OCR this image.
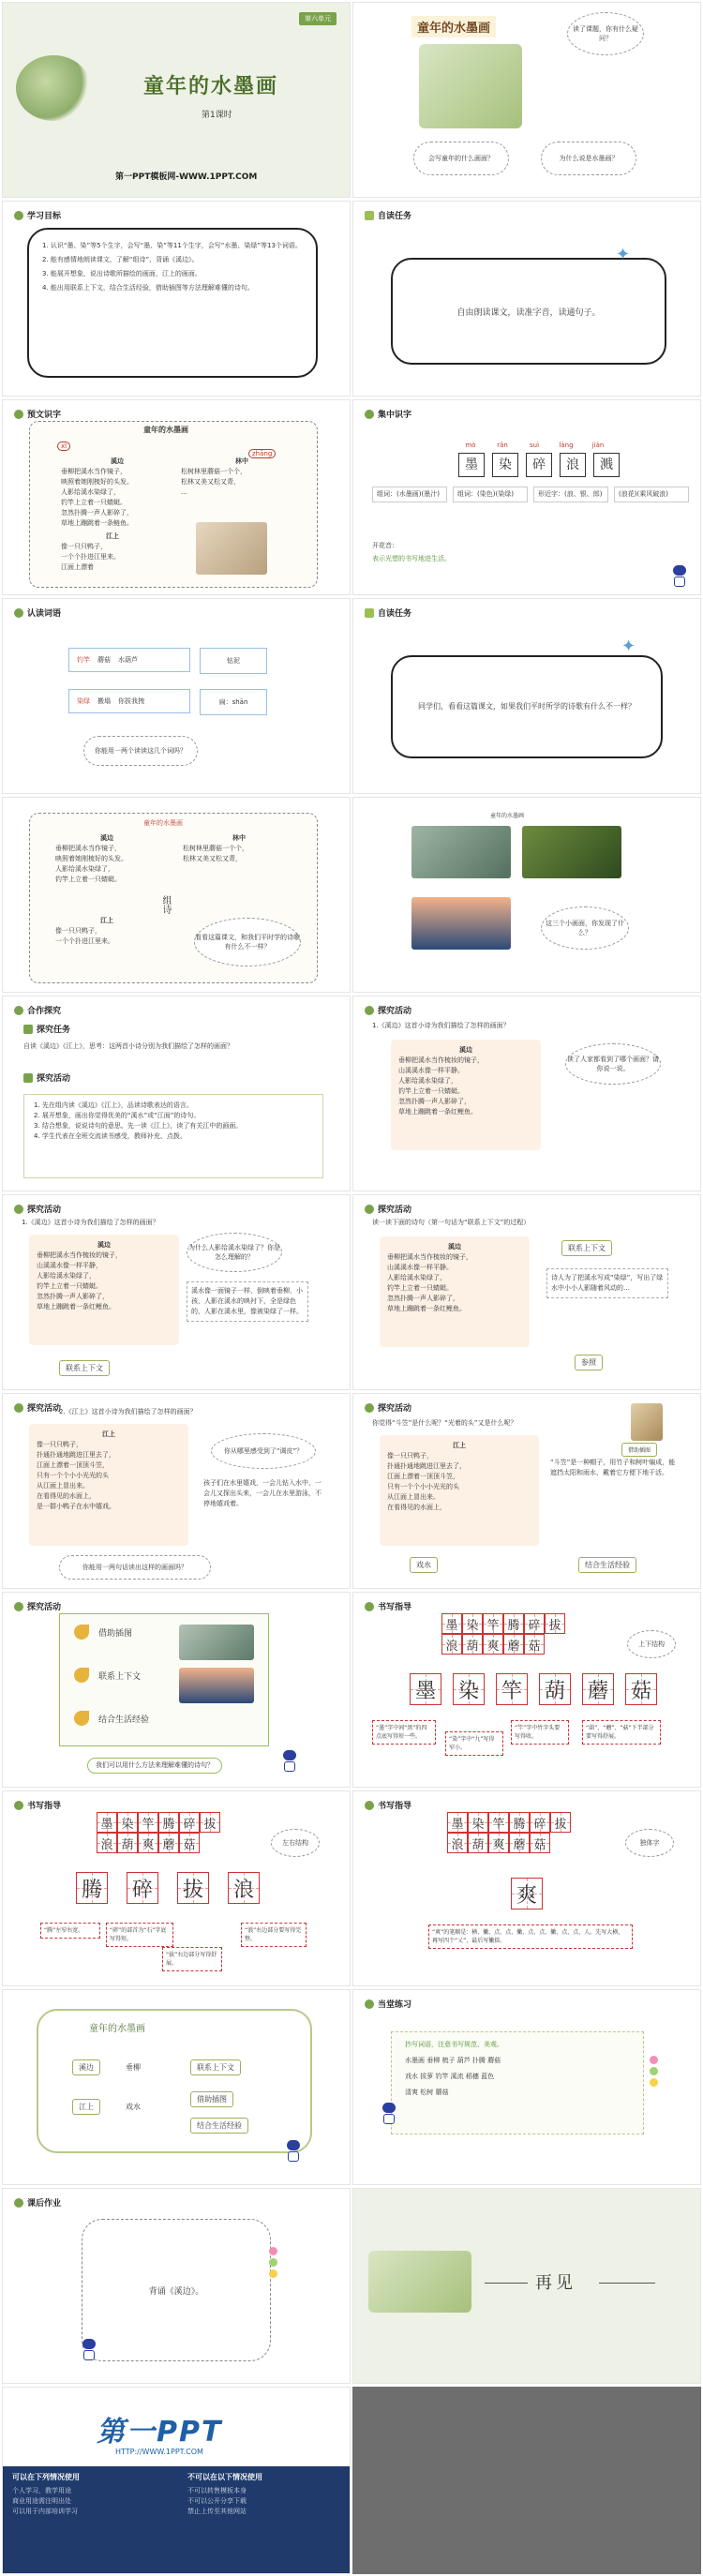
第六单元
童年的水墨画
第1课时
第一PPT模板网-WWW.1PPT.COM
童年的水墨画	读了课题，你有什么疑问？
会写童年的什么画面？	为什么说是水墨画？
学习目标
1. 认识“墨、染”等5个生字，会写“墨、染”等11个生字，会写“水墨、染绿”等13个词语。
2. 能有感情地朗读课文，了解“组诗”，背诵《溪边》。
3. 能展开想象，说出诗歌所描绘的画面，江上的画面。
4. 能出用联系上下文，结合生活经验，借助插图等方法理解难懂的诗句。
自读任务
自由朗读课文，读准字音，读通句子。
✦
预文识字
童年的水墨画
xī
zhāng
溪边
垂柳把溪水当作镜子，
映照着她刚梳好的头发。
人影给溪水染绿了，
钓竿上立着一只蜻蜓。
忽然扑腾一声人影碎了，
草地上蹦跳着一条鲢鱼。
林中
松树林里蘑菇一个个，
松林又美又松又青，
…
江上
像一只只鸭子，
一个个扑进江里来。
江面上漂着
集中识字
mò	rǎn	suì	làng	jiàn
墨	染	碎	浪	溅
组词：(水墨画)(墨汁)	组词：(染色)(染绿)	形近字：(浪、银、郎)	(浪花)(乘风破浪)
开花音：
表示光塑的书写地进生活。
认读词语
钓竿 蘑菇 水葫芦	钻泥
染绿 搬塌 你拔我拽	扁：shān
你能用一两个读读这几个词吗？
自读任务
同学们，看看这篇课文，如果我们平时所学的诗歌有什么不一样？
✦
童年的水墨画
溪边
垂柳把溪水当作镜子，
映照着她刚梳好的头发。
人影给溪水染绿了，
钓竿上立着一只蜻蜓。
林中
松树林里蘑菇一个个，
松林又美又松又青，
江上
像一只只鸭子，
一个个扑进江里来。
组诗
看看这篇课文，和我们平时学的诗歌有什么不一样？
童年的水墨画
这三个小画面，你发现了什么？
合作探究
探究任务
自读《溪边》《江上》，思考：这两首小诗分别为我们描绘了怎样的画面？
探究活动
1. 先在组内读《溪边》《江上》，品读诗歌表达的语言。
2. 展开想象，画出你觉得优美的“溪水”或“江面”的诗句。
3. 结合想象，说说诗句的意思。先一读《江上》，读了有关江中的画面。
4. 学生代表在全班交流读书感受，教师补充、点拨。
探究活动
1.《溪边》这首小诗为我们描绘了怎样的画面？
溪边
垂柳把溪水当作梳妆的镜子，
山溪溪水像一样平静。
人影给溪水染绿了，
钓竿上立着一只蜻蜓。
忽然扑腾一声人影碎了，
草地上蹦跳着一条红鲤鱼。
读了人家都看到了哪个画面？请你说一说。
探究活动
1.《溪边》这首小诗为我们描绘了怎样的画面？
溪边
垂柳把溪水当作梳妆的镜子，
山溪溪水像一样平静，
人影给溪水染绿了，
钓竿上立着一只蜻蜓。
忽然扑腾一声人影碎了，
草地上蹦跳着一条红鲤鱼。
为什么人影给溪水染绿了？你是怎么理解的？
溪水像一面镜子一样，倒映着垂柳，小孩，人影在溪水的映衬下，全是绿色的，人影在溪水里，像被染绿了一样。
联系上下文
探究活动
读一读下面的诗句（第一句话为“联系上下文”的过程）
溪边
垂柳把溪水当作梳妆的镜子，
山溪溪水像一样平静。
人影给溪水染绿了，
钓竿上立着一只蜻蜓。
忽然扑腾一声人影碎了，
草地上蹦跳着一条红鲤鱼。
联系上下文
诗人为了把溪水写成“染绿”，写出了绿水中小小人影随着风动的…
参照
探究活动
2.《江上》这首小诗为我们描绘了怎样的画面？
江上
像一只只鸭子，
扑通扑通地跳进江里去了，
江面上漂着一顶顶斗笠，
只有一个个小小光光的头
从江面上冒出来。
在看得见的水面上，
是一群小鸭子在水中嬉戏。
你从哪里感受到了“调皮”？
孩子们在水里嬉戏，一会儿钻入水中，一会儿又探出头来，一会儿在水里游泳，不停地嬉戏着。
你能用一两句话读出这样的画面吗？
探究活动
你觉得“斗笠”是什么呢？“光着的头”又是什么呢？
江上
像一只只鸭子，
扑通扑通地跳进江里去了，
江面上漂着一顶顶斗笠，
只有一个个小小光光的头
从江面上冒出来。
在看得见的水面上，
借助插图
“斗笠”是一种帽子，用竹子和树叶编成，能遮挡太阳和雨水，戴着它方便下地干活。
戏水	结合生活经验
探究活动
借助插图
联系上下文
结合生活经验
我们可以用什么方法来理解难懂的诗句？
书写指导
墨 染 竿 腾 碎 拔
浪 葫 爽 蘑 菇	上下结构
墨 染 竿 葫 蘑 菇
“墨”字中间“黑”的四点底写得短一些。	“染”字中“九”写得窄小。
“竿”字中竹字头要写得收。
“葫”、“蘑”、“菇”下半部分要写得舒展。
书写指导
墨 染 竿 腾 碎 拔
浪 葫 爽 蘑 菇	左右结构
腾 碎 拔 浪
“腾”左窄右宽。	“碎”的部首为“石”字底写得短。
“拔”右边部分写得舒展。
“浪”右边部分要写得完整。
书写指导
墨 染 竿 腾 碎 拔
浪 葫 爽 蘑 菇	独体字
爽
“爽”的笔顺是：横、撇、点、点、撇、点、点、撇、点、点、人。先写大横，再写四个“乂”，最后写撇捺。
童年的水墨画
溪边	垂柳	联系上下文
江上	戏水
借助插图
结合生活经验
当堂练习
抄写词语，注意书写规范、美观。
水墨画 垂柳 梳子 葫芦 扑腾 蘑菇
戏水 拔萝 钓竿 溪流 稻穗 蓝色
清爽 松树 蘑菇
课后作业
背诵《溪边》。	再见
第一PPT
HTTP://WWW.1PPT.COM
可以在下列情况使用
个人学习，教学用途
商业用途需注明出处
可以用于内部培训学习
不可以在以下情况使用
不可以转售模板本身
不可以公开分享下载
禁止上传至其他网站
